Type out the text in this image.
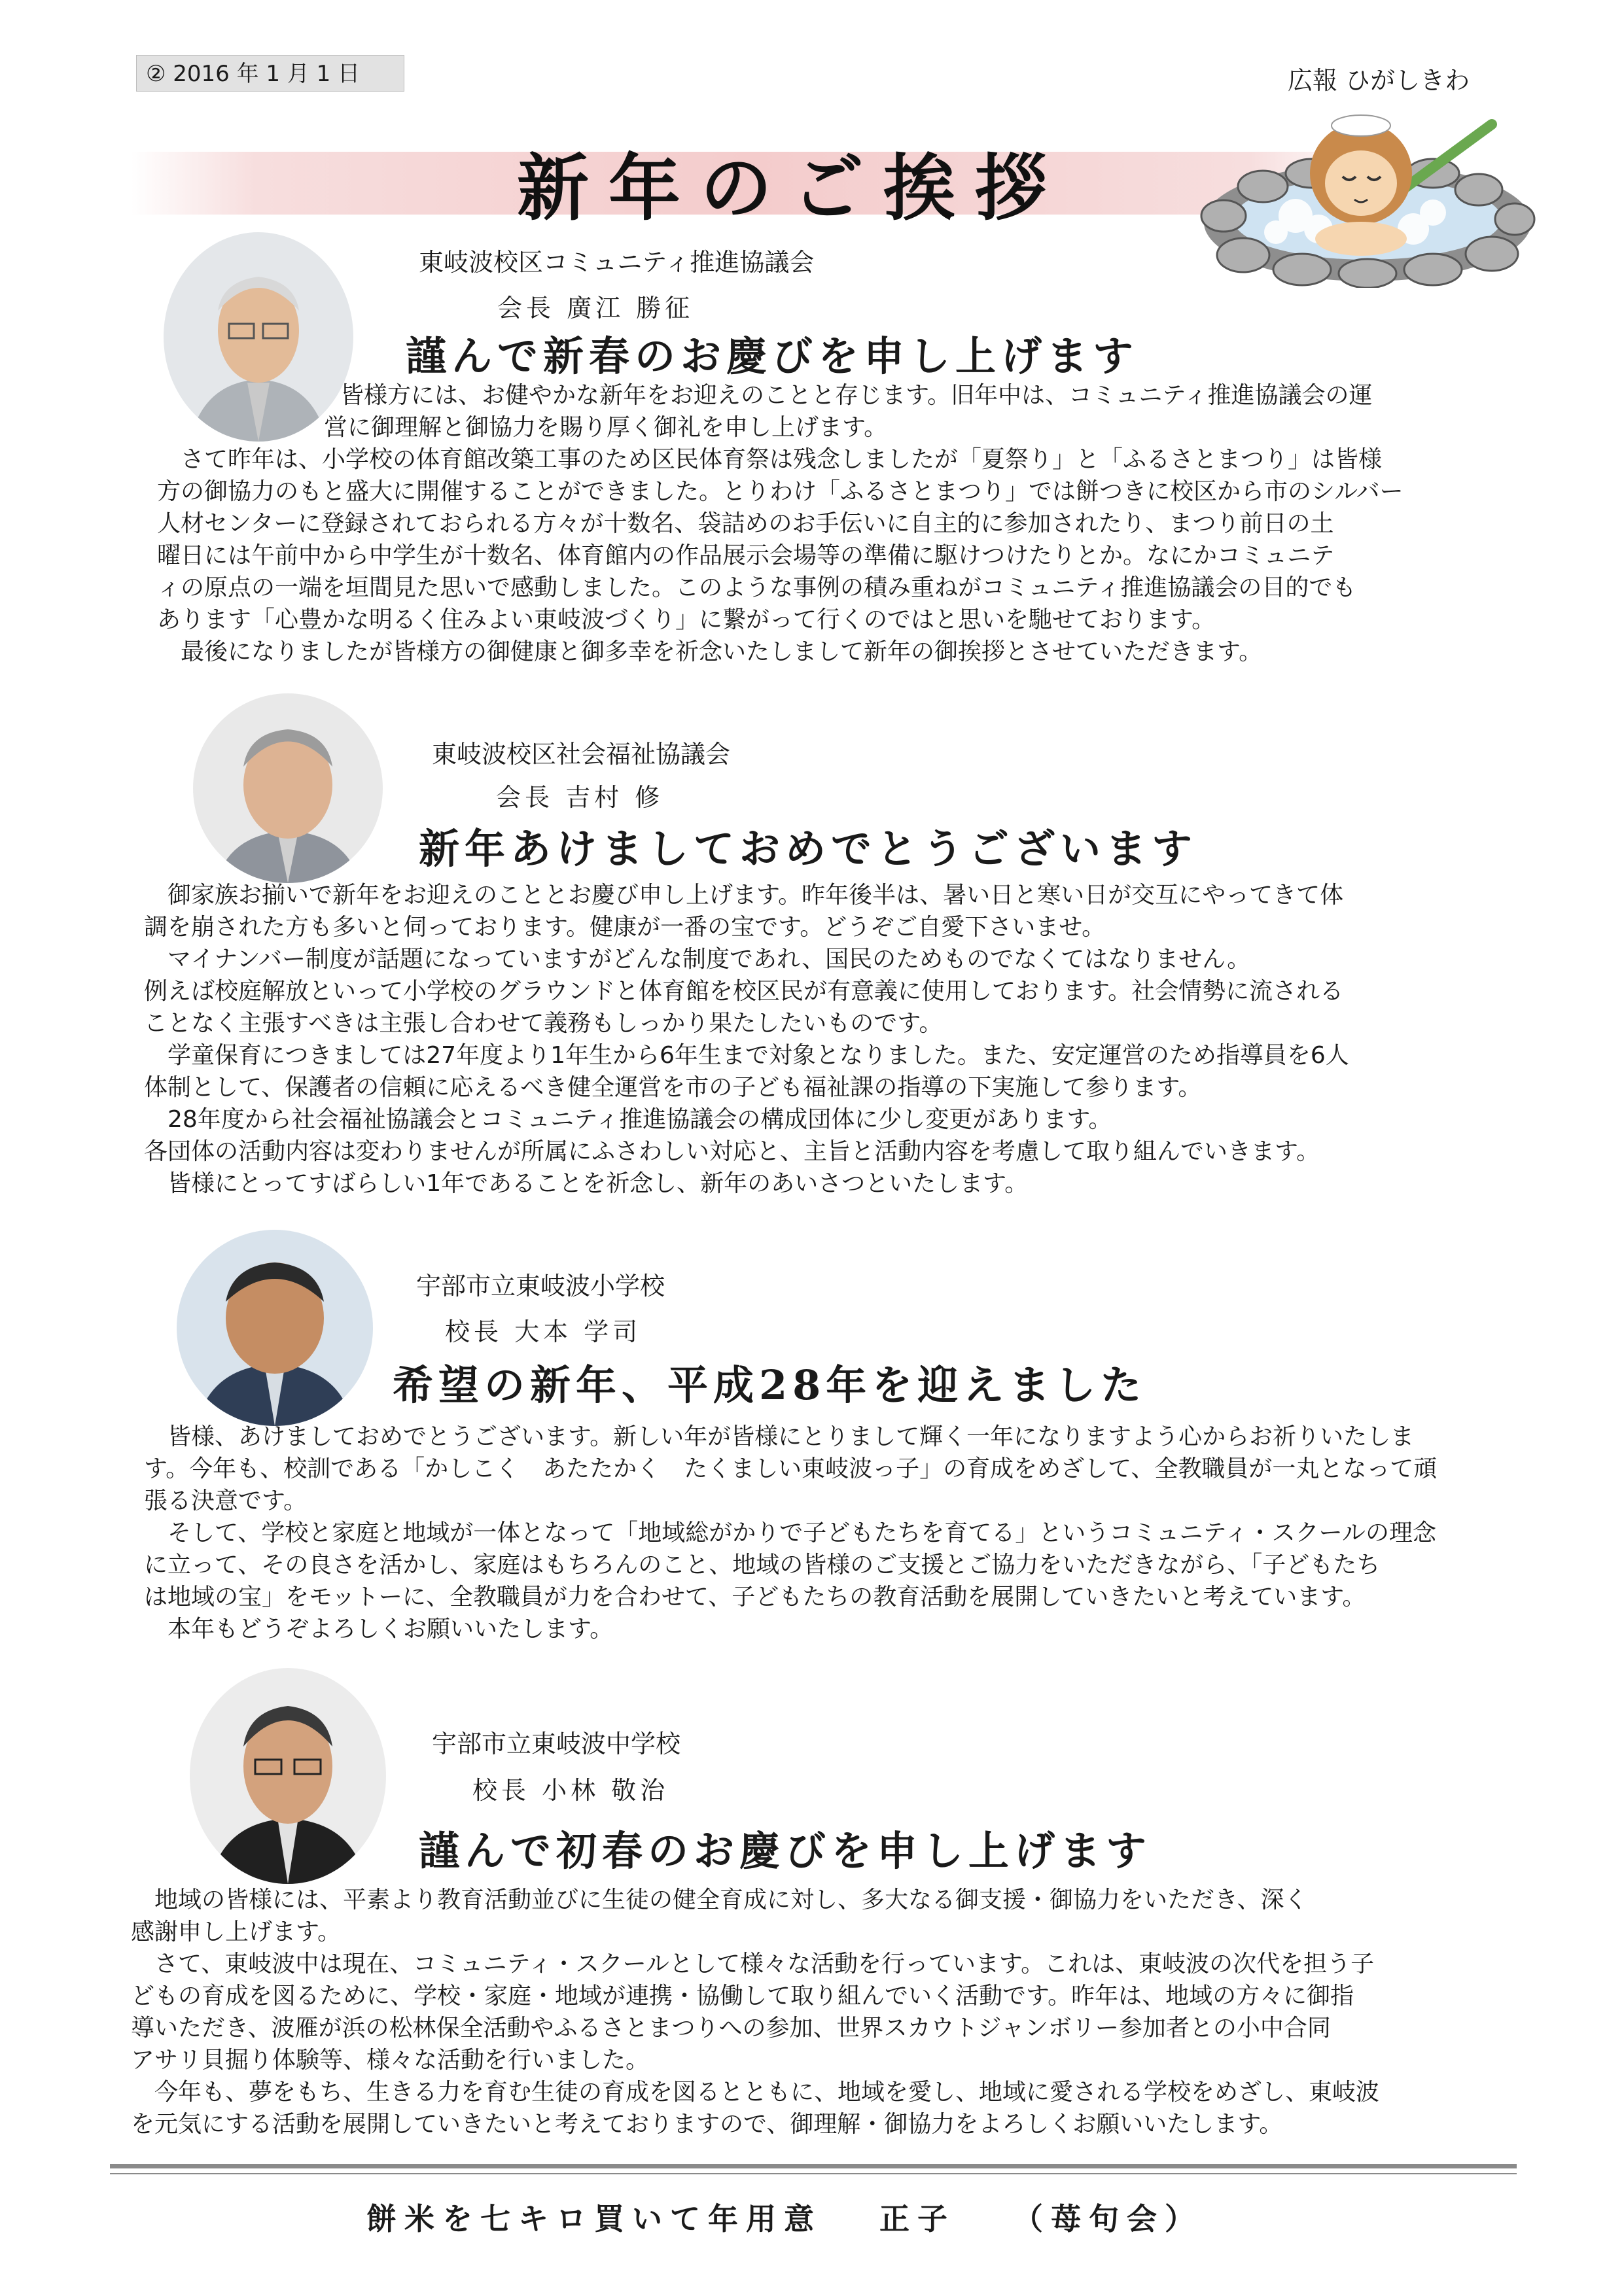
② 2016 年 1 月 1 日	広報 ひがしきわ
新年のご挨拶
東岐波校区コミュニティ推進協議会
会長 廣江 勝征
謹んで新春のお慶びを申し上げます
皆様方には、お健やかな新年をお迎えのことと存じます。旧年中は、コミュニティ推進協議会の運
営に御理解と御協力を賜り厚く御礼を申し上げます。
　さて昨年は、小学校の体育館改築工事のため区民体育祭は残念しましたが「夏祭り」と「ふるさとまつり」は皆様
方の御協力のもと盛大に開催することができました。とりわけ「ふるさとまつり」では餅つきに校区から市のシルバー
人材センターに登録されておられる方々が十数名、袋詰めのお手伝いに自主的に参加されたり、まつり前日の土
曜日には午前中から中学生が十数名、体育館内の作品展示会場等の準備に駆けつけたりとか。なにかコミュニテ
ィの原点の一端を垣間見た思いで感動しました。このような事例の積み重ねがコミュニティ推進協議会の目的でも
あります「心豊かな明るく住みよい東岐波づくり」に繋がって行くのではと思いを馳せております。
　最後になりましたが皆様方の御健康と御多幸を祈念いたしまして新年の御挨拶とさせていただきます。
東岐波校区社会福祉協議会
会長 吉村 修
新年あけましておめでとうございます
　御家族お揃いで新年をお迎えのこととお慶び申し上げます。昨年後半は、暑い日と寒い日が交互にやってきて体
調を崩された方も多いと伺っております。健康が一番の宝です。どうぞご自愛下さいませ。
　マイナンバー制度が話題になっていますがどんな制度であれ、国民のためものでなくてはなりません。
例えば校庭解放といって小学校のグラウンドと体育館を校区民が有意義に使用しております。社会情勢に流される
ことなく主張すべきは主張し合わせて義務もしっかり果たしたいものです。
　学童保育につきましては27年度より1年生から6年生まで対象となりました。また、安定運営のため指導員を6人
体制として、保護者の信頼に応えるべき健全運営を市の子ども福祉課の指導の下実施して参ります。
　28年度から社会福祉協議会とコミュニティ推進協議会の構成団体に少し変更があります。
各団体の活動内容は変わりませんが所属にふさわしい対応と、主旨と活動内容を考慮して取り組んでいきます。
　皆様にとってすばらしい1年であることを祈念し、新年のあいさつといたします。
宇部市立東岐波小学校
校長 大本 学司
希望の新年、平成28年を迎えました
　皆様、あけましておめでとうございます。新しい年が皆様にとりまして輝く一年になりますよう心からお祈りいたしま
す。今年も、校訓である「かしこく　あたたかく　たくましい東岐波っ子」の育成をめざして、全教職員が一丸となって頑
張る決意です。
　そして、学校と家庭と地域が一体となって「地域総がかりで子どもたちを育てる」というコミュニティ・スクールの理念
に立って、その良さを活かし、家庭はもちろんのこと、地域の皆様のご支援とご協力をいただきながら、「子どもたち
は地域の宝」をモットーに、全教職員が力を合わせて、子どもたちの教育活動を展開していきたいと考えています。
　本年もどうぞよろしくお願いいたします。
宇部市立東岐波中学校
校長 小林 敬治
謹んで初春のお慶びを申し上げます
　地域の皆様には、平素より教育活動並びに生徒の健全育成に対し、多大なる御支援・御協力をいただき、深く
感謝申し上げます。
　さて、東岐波中は現在、コミュニティ・スクールとして様々な活動を行っています。これは、東岐波の次代を担う子
どもの育成を図るために、学校・家庭・地域が連携・協働して取り組んでいく活動です。昨年は、地域の方々に御指
導いただき、波雁が浜の松林保全活動やふるさとまつりへの参加、世界スカウトジャンボリー参加者との小中合同
アサリ貝掘り体験等、様々な活動を行いました。
　今年も、夢をもち、生きる力を育む生徒の育成を図るとともに、地域を愛し、地域に愛される学校をめざし、東岐波
を元気にする活動を展開していきたいと考えておりますので、御理解・御協力をよろしくお願いいたします。
餅米を七キロ買いて年用意 正子 （苺句会）
